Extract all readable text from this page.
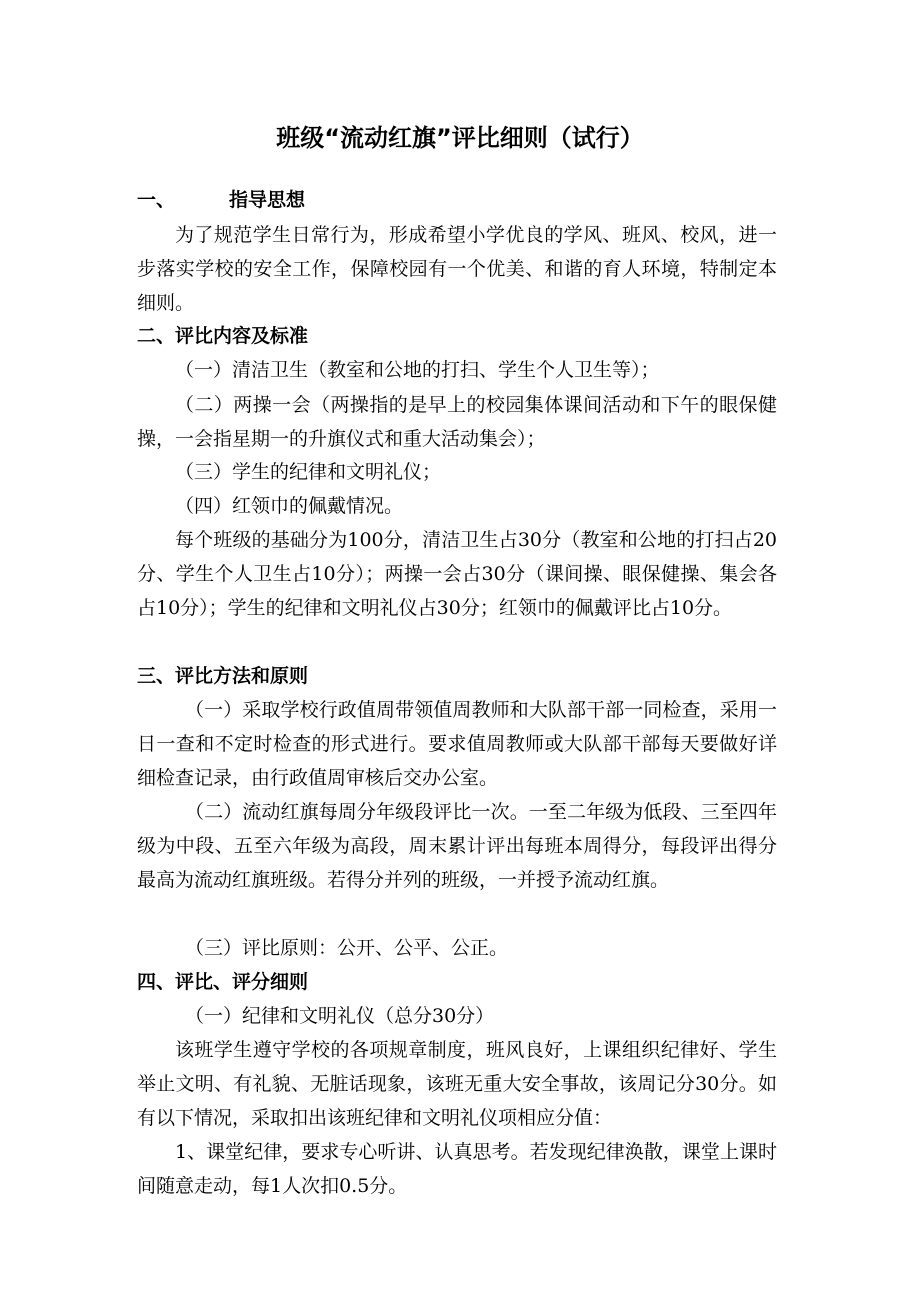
班级“流动红旗”评比细则（试行）
一、	指导思想
为了规范学生日常行为，形成希望小学优良的学风、班风、校风，进一步落实学校的安全工作，保障校园有一个优美、和谐的育人环境，特制定本细则。
二、评比内容及标准
（一）清洁卫生（教室和公地的打扫、学生个人卫生等）；
（二）两操一会（两操指的是早上的校园集体课间活动和下午的眼保健操，一会指星期一的升旗仪式和重大活动集会）；
（三）学生的纪律和文明礼仪；
（四）红领巾的佩戴情况。
每个班级的基础分为100分，清洁卫生占30分（教室和公地的打扫占20分、学生个人卫生占10分）；两操一会占30分（课间操、眼保健操、集会各占10分）；学生的纪律和文明礼仪占30分；红领巾的佩戴评比占10分。
三、评比方法和原则
（一）采取学校行政值周带领值周教师和大队部干部一同检查，采用一日一查和不定时检查的形式进行。要求值周教师或大队部干部每天要做好详细检查记录，由行政值周审核后交办公室。
（二）流动红旗每周分年级段评比一次。一至二年级为低段、三至四年级为中段、五至六年级为高段，周末累计评出每班本周得分，每段评出得分最高为流动红旗班级。若得分并列的班级，一并授予流动红旗。
（三）评比原则：公开、公平、公正。
四、评比、评分细则
（一）纪律和文明礼仪（总分30分）
该班学生遵守学校的各项规章制度，班风良好，上课组织纪律好、学生举止文明、有礼貌、无脏话现象，该班无重大安全事故，该周记分30分。如有以下情况，采取扣出该班纪律和文明礼仪项相应分值：
1、课堂纪律，要求专心听讲、认真思考。若发现纪律涣散，课堂上课时间随意走动，每1人次扣0.5分。
